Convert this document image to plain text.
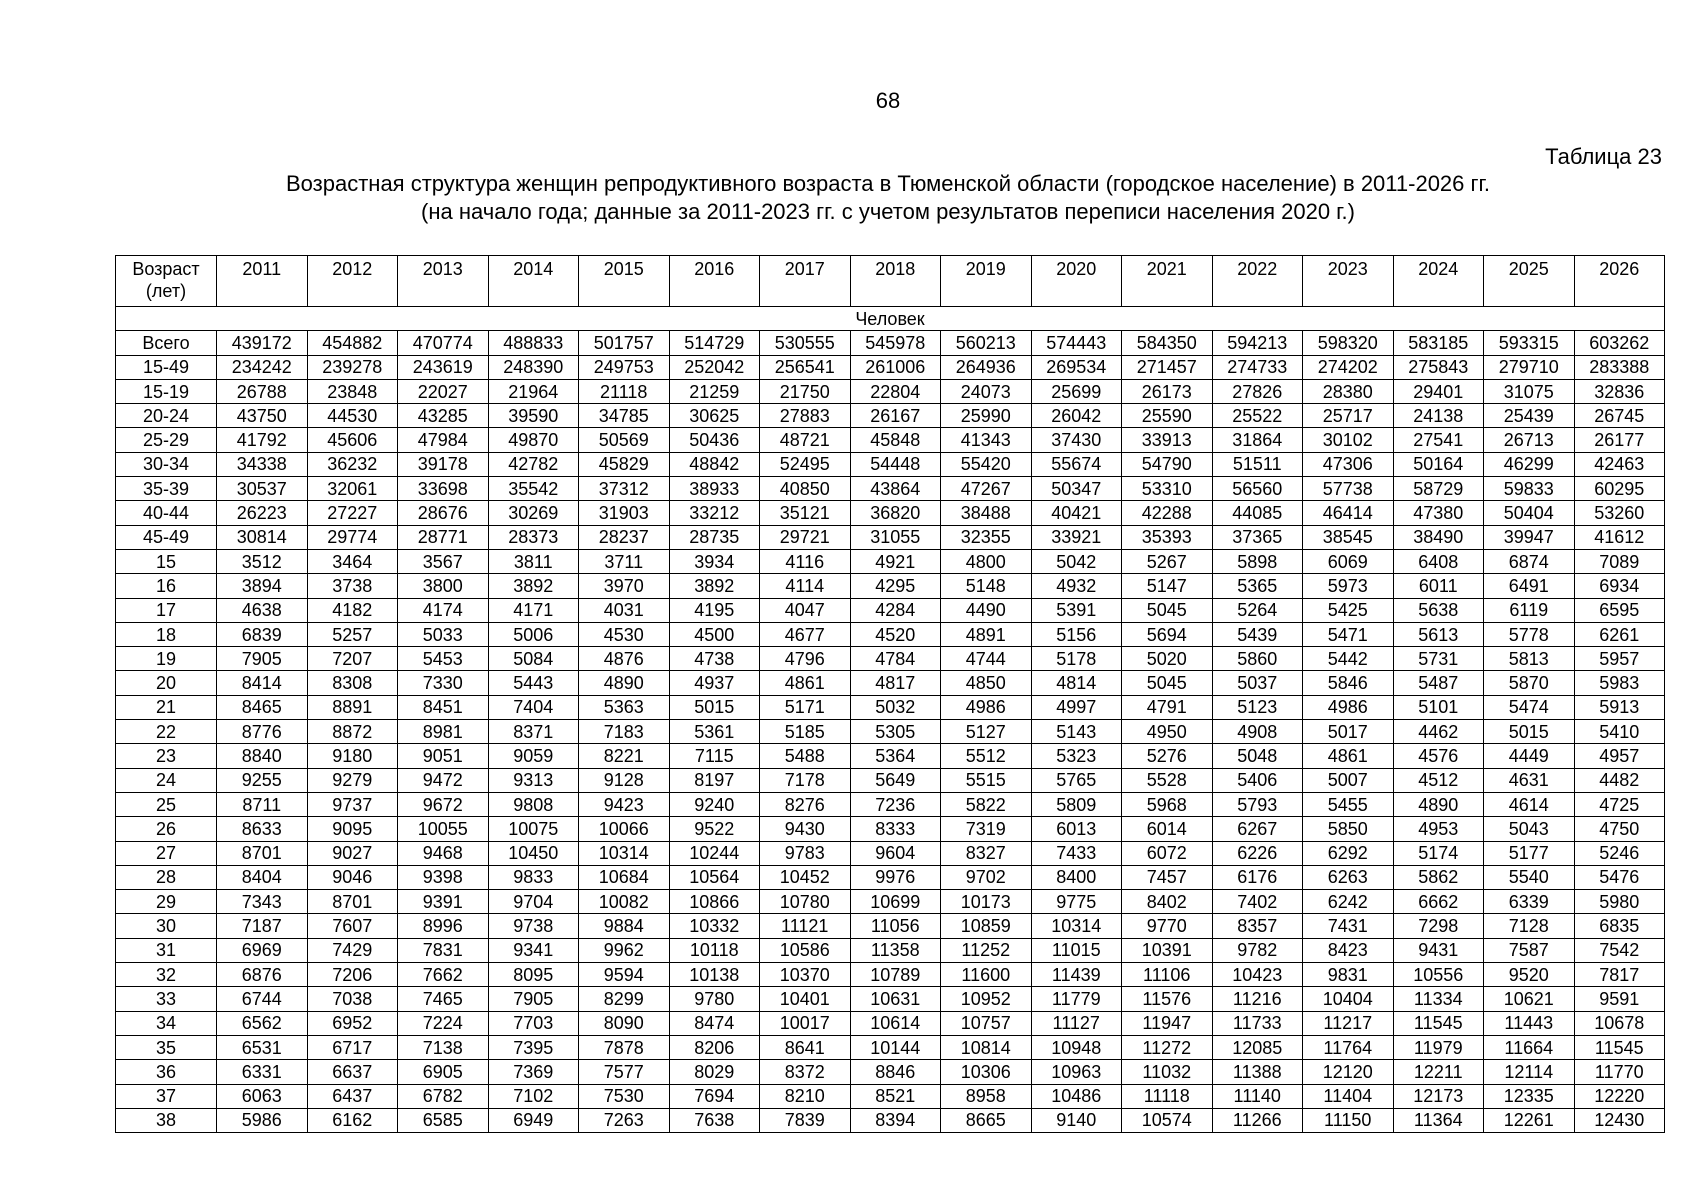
68
Таблица 23
Возрастная структура женщин репродуктивного возраста в Тюменской области (городское население) в 2011-2026 гг.
(на начало года; данные за 2011-2023 гг. с учетом результатов переписи населения 2020 г.)
Возраст (лет)	2011	2012	2013	2014	2015	2016	2017	2018	2019	2020	2021	2022	2023	2024	2025	2026
Человек																
Всего	439172	454882	470774	488833	501757	514729	530555	545978	560213	574443	584350	594213	598320	583185	593315	603262
15-49	234242	239278	243619	248390	249753	252042	256541	261006	264936	269534	271457	274733	274202	275843	279710	283388
15-19	26788	23848	22027	21964	21118	21259	21750	22804	24073	25699	26173	27826	28380	29401	31075	32836
20-24	43750	44530	43285	39590	34785	30625	27883	26167	25990	26042	25590	25522	25717	24138	25439	26745
25-29	41792	45606	47984	49870	50569	50436	48721	45848	41343	37430	33913	31864	30102	27541	26713	26177
30-34	34338	36232	39178	42782	45829	48842	52495	54448	55420	55674	54790	51511	47306	50164	46299	42463
35-39	30537	32061	33698	35542	37312	38933	40850	43864	47267	50347	53310	56560	57738	58729	59833	60295
40-44	26223	27227	28676	30269	31903	33212	35121	36820	38488	40421	42288	44085	46414	47380	50404	53260
45-49	30814	29774	28771	28373	28237	28735	29721	31055	32355	33921	35393	37365	38545	38490	39947	41612
15	3512	3464	3567	3811	3711	3934	4116	4921	4800	5042	5267	5898	6069	6408	6874	7089
16	3894	3738	3800	3892	3970	3892	4114	4295	5148	4932	5147	5365	5973	6011	6491	6934
17	4638	4182	4174	4171	4031	4195	4047	4284	4490	5391	5045	5264	5425	5638	6119	6595
18	6839	5257	5033	5006	4530	4500	4677	4520	4891	5156	5694	5439	5471	5613	5778	6261
19	7905	7207	5453	5084	4876	4738	4796	4784	4744	5178	5020	5860	5442	5731	5813	5957
20	8414	8308	7330	5443	4890	4937	4861	4817	4850	4814	5045	5037	5846	5487	5870	5983
21	8465	8891	8451	7404	5363	5015	5171	5032	4986	4997	4791	5123	4986	5101	5474	5913
22	8776	8872	8981	8371	7183	5361	5185	5305	5127	5143	4950	4908	5017	4462	5015	5410
23	8840	9180	9051	9059	8221	7115	5488	5364	5512	5323	5276	5048	4861	4576	4449	4957
24	9255	9279	9472	9313	9128	8197	7178	5649	5515	5765	5528	5406	5007	4512	4631	4482
25	8711	9737	9672	9808	9423	9240	8276	7236	5822	5809	5968	5793	5455	4890	4614	4725
26	8633	9095	10055	10075	10066	9522	9430	8333	7319	6013	6014	6267	5850	4953	5043	4750
27	8701	9027	9468	10450	10314	10244	9783	9604	8327	7433	6072	6226	6292	5174	5177	5246
28	8404	9046	9398	9833	10684	10564	10452	9976	9702	8400	7457	6176	6263	5862	5540	5476
29	7343	8701	9391	9704	10082	10866	10780	10699	10173	9775	8402	7402	6242	6662	6339	5980
30	7187	7607	8996	9738	9884	10332	11121	11056	10859	10314	9770	8357	7431	7298	7128	6835
31	6969	7429	7831	9341	9962	10118	10586	11358	11252	11015	10391	9782	8423	9431	7587	7542
32	6876	7206	7662	8095	9594	10138	10370	10789	11600	11439	11106	10423	9831	10556	9520	7817
33	6744	7038	7465	7905	8299	9780	10401	10631	10952	11779	11576	11216	10404	11334	10621	9591
34	6562	6952	7224	7703	8090	8474	10017	10614	10757	11127	11947	11733	11217	11545	11443	10678
35	6531	6717	7138	7395	7878	8206	8641	10144	10814	10948	11272	12085	11764	11979	11664	11545
36	6331	6637	6905	7369	7577	8029	8372	8846	10306	10963	11032	11388	12120	12211	12114	11770
37	6063	6437	6782	7102	7530	7694	8210	8521	8958	10486	11118	11140	11404	12173	12335	12220
38	5986	6162	6585	6949	7263	7638	7839	8394	8665	9140	10574	11266	11150	11364	12261	12430
